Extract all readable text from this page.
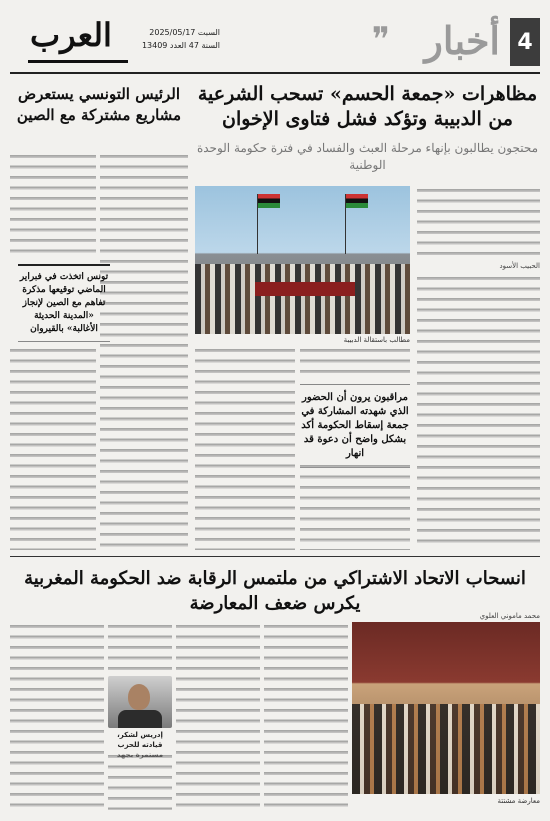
4
أخبار
❞
العرب	السبت 2025/05/17
السنة 47 العدد 13409
مظاهرات «جمعة الحسم» تسحب الشرعية من الدبيبة وتؤكد فشل فتاوى الإخوان
محتجون يطالبون بإنهاء مرحلة العبث والفساد في فترة حكومة الوحدة الوطنية
الحبيب الأسود
مطالب باستقالة الدبيبة
مراقبون يرون أن الحضور الذي شهدته المشاركة في جمعة إسقاط الحكومة أكد بشكل واضح أن دعوة قد انهار
الرئيس التونسي يستعرض مشاريع مشتركة مع الصين
تونس اتخذت في فبراير الماضي توقيعها مذكرة تفاهم مع الصين لإنجاز «المدينة الحديثة الأغالبة» بالقيروان
انسحاب الاتحاد الاشتراكي من ملتمس الرقابة ضد الحكومة المغربية يكرس ضعف المعارضة
محمد ماموني العلوي
إدريس لشكر، قيادته للحزب
معارضة مشتتة
